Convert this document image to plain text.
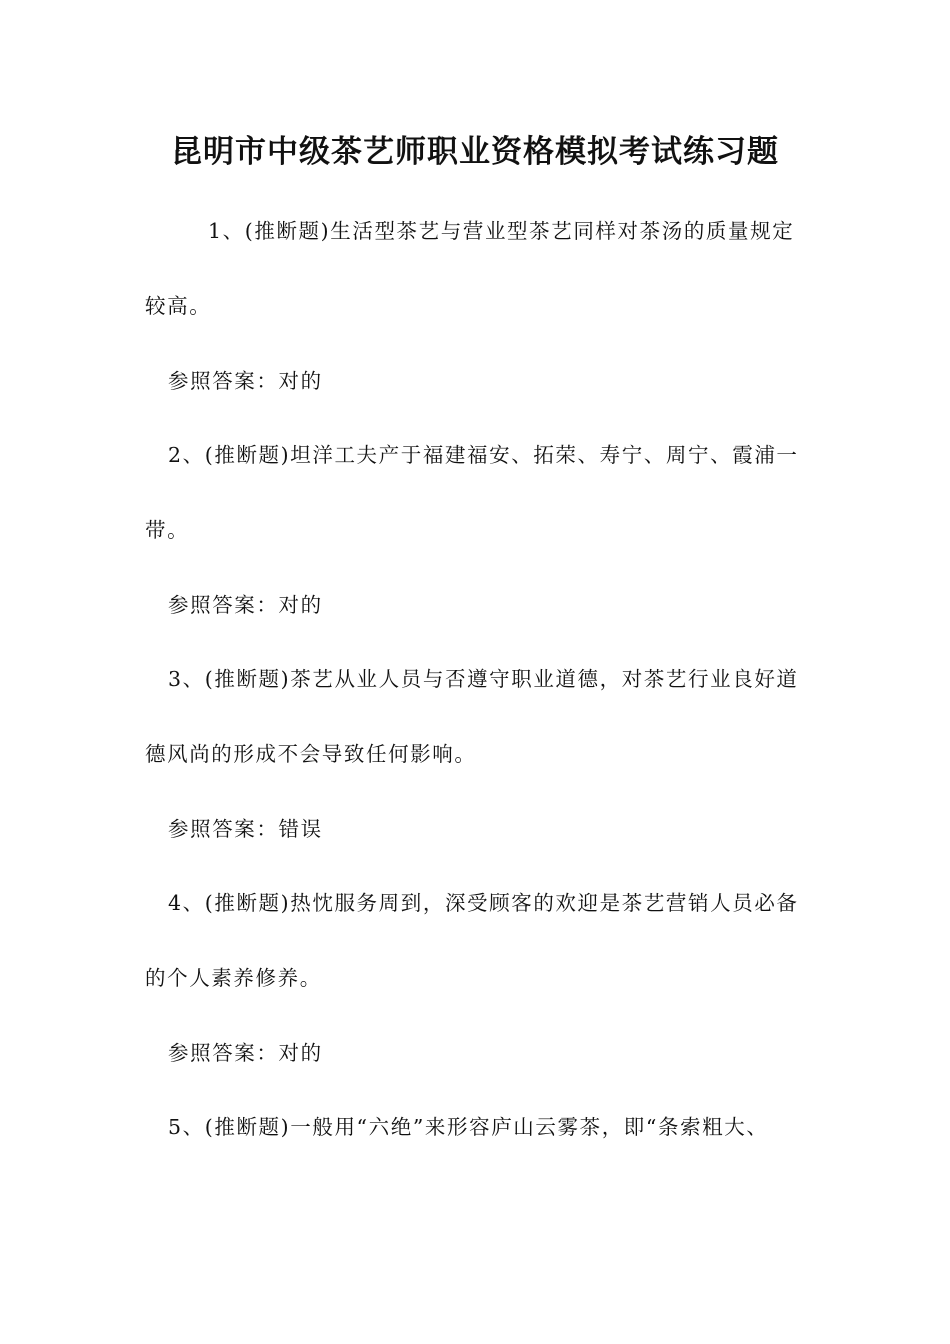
昆明市中级茶艺师职业资格模拟考试练习题
1、(推断题)生活型茶艺与营业型茶艺同样对茶汤的质量规定
较高。
参照答案：对的
2、(推断题)坦洋工夫产于福建福安、拓荣、寿宁、周宁、霞浦一
带。
参照答案：对的
3、(推断题)茶艺从业人员与否遵守职业道德，对茶艺行业良好道
德风尚的形成不会导致任何影响。
参照答案：错误
4、(推断题)热忱服务周到，深受顾客的欢迎是茶艺营销人员必备
的个人素养修养。
参照答案：对的
5、(推断题)一般用“六绝”来形容庐山云雾茶，即“条索粗大、
